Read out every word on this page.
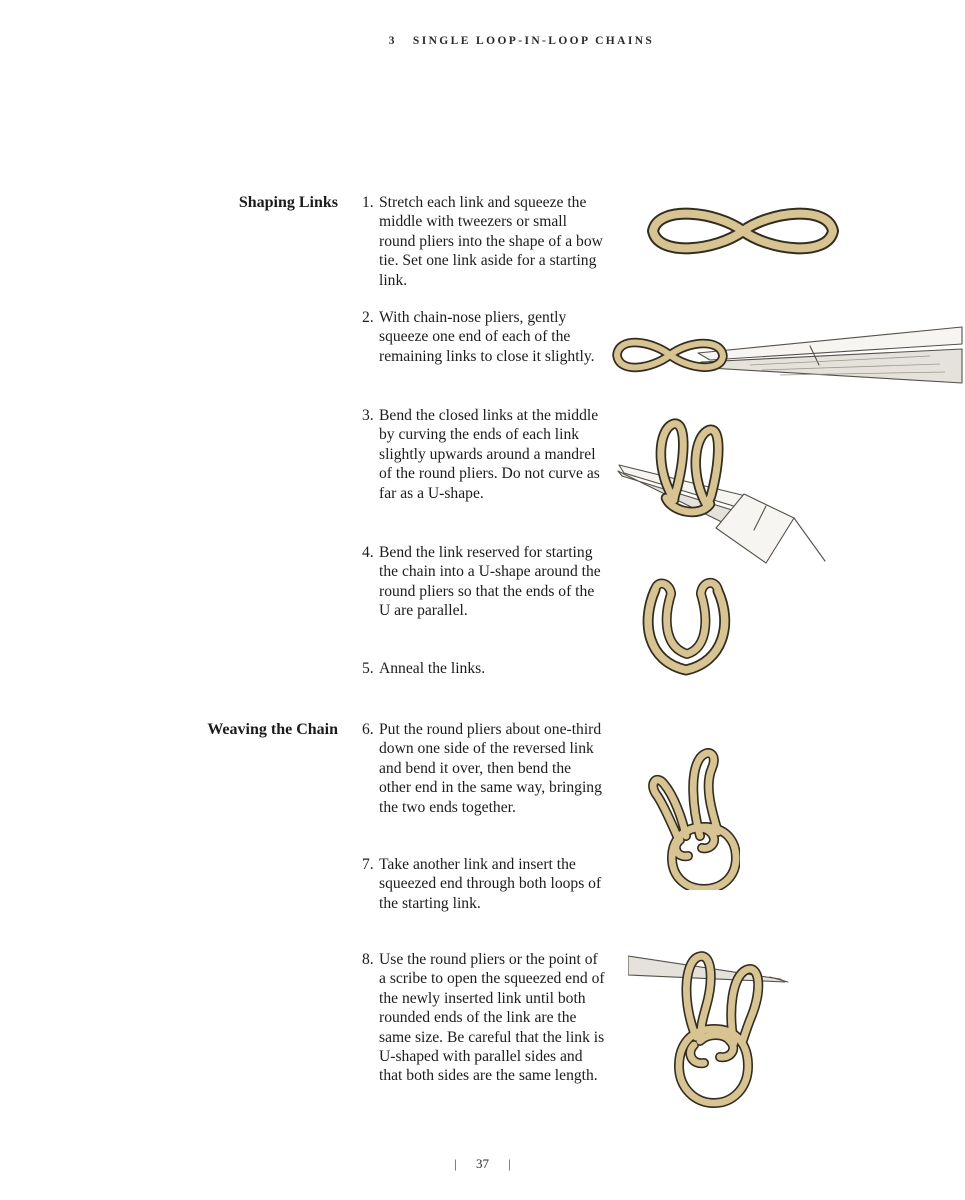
3 SINGLE LOOP-IN-LOOP CHAINS
Shaping Links
Weaving the Chain
1. Stretch each link and squeeze the middle with tweezers or small round pliers into the shape of a bow tie. Set one link aside for a starting link.
2. With chain-nose pliers, gently squeeze one end of each of the remaining links to close it slightly.
3. Bend the closed links at the middle by curving the ends of each link slightly upwards around a mandrel of the round pliers. Do not curve as far as a U-shape.
4. Bend the link reserved for starting the chain into a U-shape around the round pliers so that the ends of the U are parallel.
5. Anneal the links.
6. Put the round pliers about one-third down one side of the reversed link and bend it over, then bend the other end in the same way, bringing the two ends together.
7. Take another link and insert the squeezed end through both loops of the starting link.
8. Use the round pliers or the point of a scribe to open the squeezed end of the newly inserted link until both rounded ends of the link are the same size. Be careful that the link is U-shaped with parallel sides and that both sides are the same length.
| 37 |
